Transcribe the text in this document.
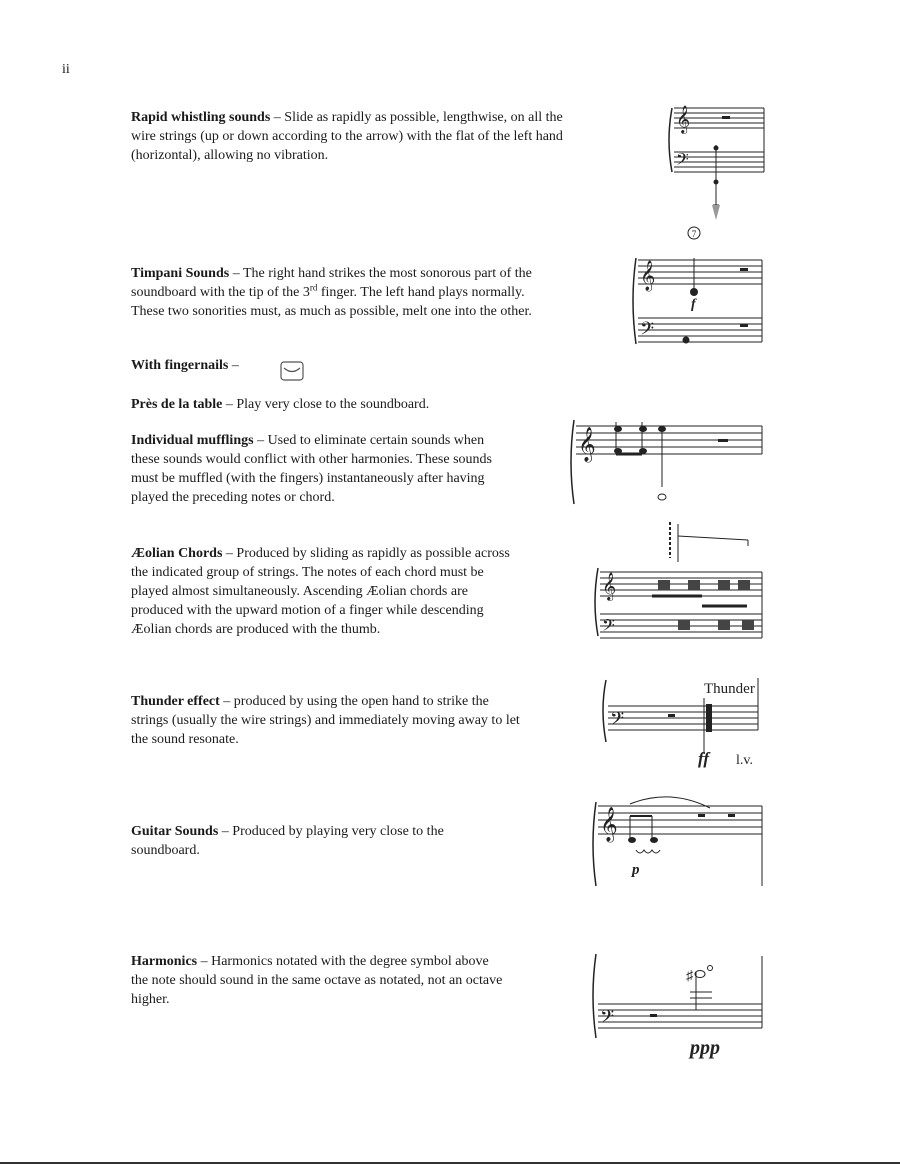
ii
Rapid whistling sounds – Slide as rapidly as possible, lengthwise, on all the
wire strings (up or down according to the arrow) with the flat of the left hand
(horizontal), allowing no vibration.
Timpani Sounds – The right hand strikes the most sonorous part of the
soundboard with the tip of the 3rd finger. The left hand plays normally.
These two sonorities must, as much as possible, melt one into the other.
With fingernails –
Près de la table – Play very close to the soundboard.
Individual mufflings – Used to eliminate certain sounds when
these sounds would conflict with other harmonies. These sounds
must be muffled (with the fingers) instantaneously after having
played the preceding notes or chord.
Æolian Chords – Produced by sliding as rapidly as possible across
the indicated group of strings. The notes of each chord must be
played almost simultaneously. Ascending Æolian chords are
produced with the upward motion of a finger while descending
Æolian chords are produced with the thumb.
Thunder effect – produced by using the open hand to strike the
strings (usually the wire strings) and immediately moving away to let
the sound resonate.
Guitar Sounds – Produced by playing very close to the
soundboard.
Harmonics – Harmonics notated with the degree symbol above
the note should sound in the same octave as notated, not an octave
higher.
𝄞
𝄢
7
𝄞
𝄢
f
𝄞
𝄞
𝄢
Thunder
𝄢
ff l.v.
𝄞
p
𝄢
♯
ppp
